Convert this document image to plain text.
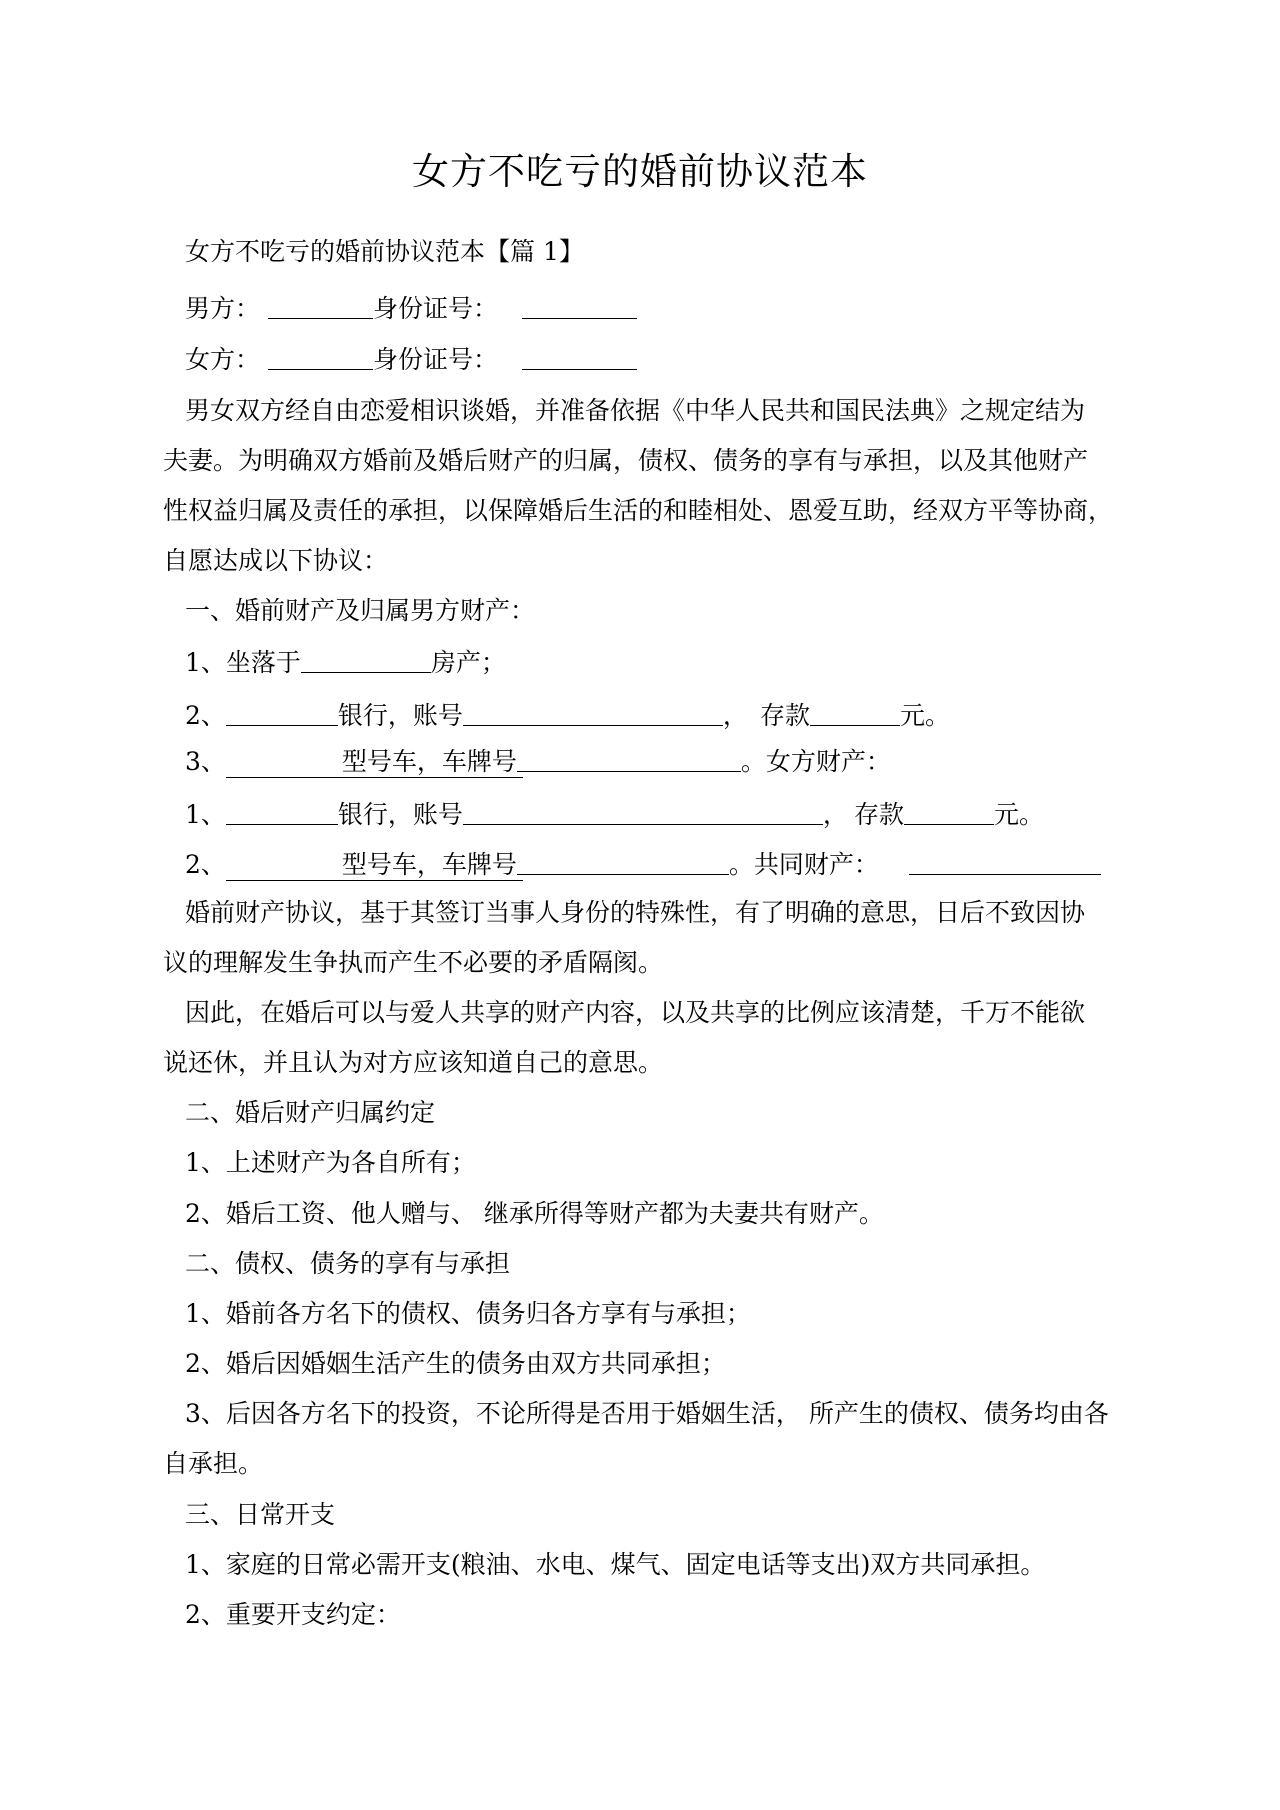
女方不吃亏的婚前协议范本
女方不吃亏的婚前协议范本【篇 1】
男方：	身份证号：
女方：	身份证号：
男女双方经自由恋爱相识谈婚，并准备依据《中华人民共和国民法典》之规定结为
夫妻。为明确双方婚前及婚后财产的归属，债权、债务的享有与承担，以及其他财产
性权益归属及责任的承担，以保障婚后生活的和睦相处、恩爱互助，经双方平等协商，
自愿达成以下协议：
一、婚前财产及归属男方财产：
1、坐落于	房产；
2、	银行，账号	， 存款	元。
3、	型号车，车牌号	。女方财产：
1、	银行，账号	， 存款	元。
2、	型号车，车牌号	。共同财产：
婚前财产协议，基于其签订当事人身份的特殊性，有了明确的意思，日后不致因协
议的理解发生争执而产生不必要的矛盾隔阂。
因此，在婚后可以与爱人共享的财产内容，以及共享的比例应该清楚，千万不能欲
说还休，并且认为对方应该知道自己的意思。
二、婚后财产归属约定
1、上述财产为各自所有；
2、婚后工资、他人赠与、 继承所得等财产都为夫妻共有财产。
二、债权、债务的享有与承担
1、婚前各方名下的债权、债务归各方享有与承担；
2、婚后因婚姻生活产生的债务由双方共同承担；
3、后因各方名下的投资，不论所得是否用于婚姻生活， 所产生的债权、债务均由各
自承担。
三、日常开支
1、家庭的日常必需开支(粮油、水电、煤气、固定电话等支出)双方共同承担。
2、重要开支约定：
